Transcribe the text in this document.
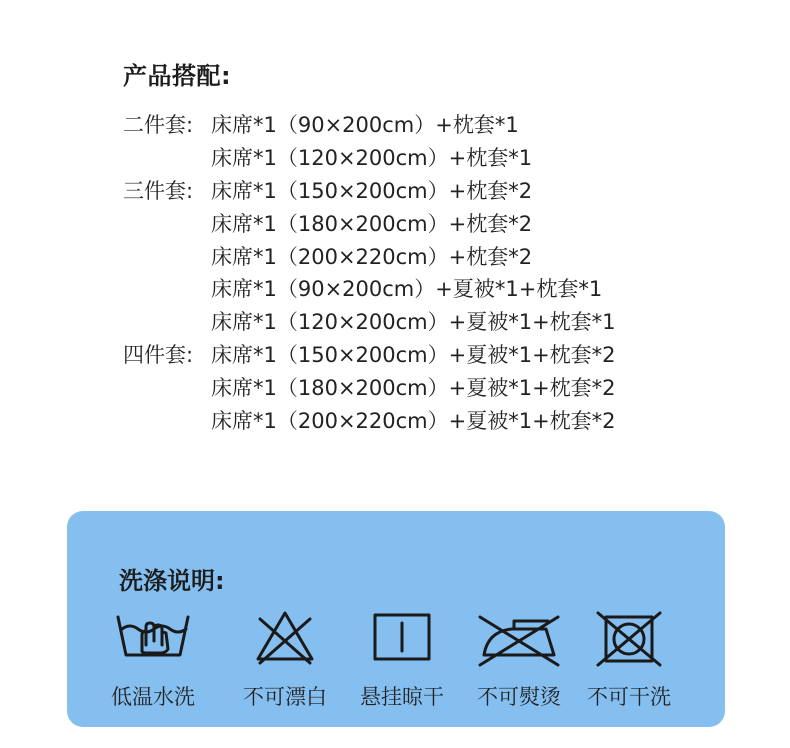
产品搭配:
二件套: 床席*1（90×200cm）+枕套*1
床席*1（120×200cm）+枕套*1
三件套: 床席*1（150×200cm）+枕套*2
床席*1（180×200cm）+枕套*2
床席*1（200×220cm）+枕套*2
床席*1（90×200cm）+夏被*1+枕套*1
床席*1（120×200cm）+夏被*1+枕套*1
四件套: 床席*1（150×200cm）+夏被*1+枕套*2
床席*1（180×200cm）+夏被*1+枕套*2
床席*1（200×220cm）+夏被*1+枕套*2
洗涤说明:
低温水洗	不可漂白	悬挂晾干	不可熨烫	不可干洗
